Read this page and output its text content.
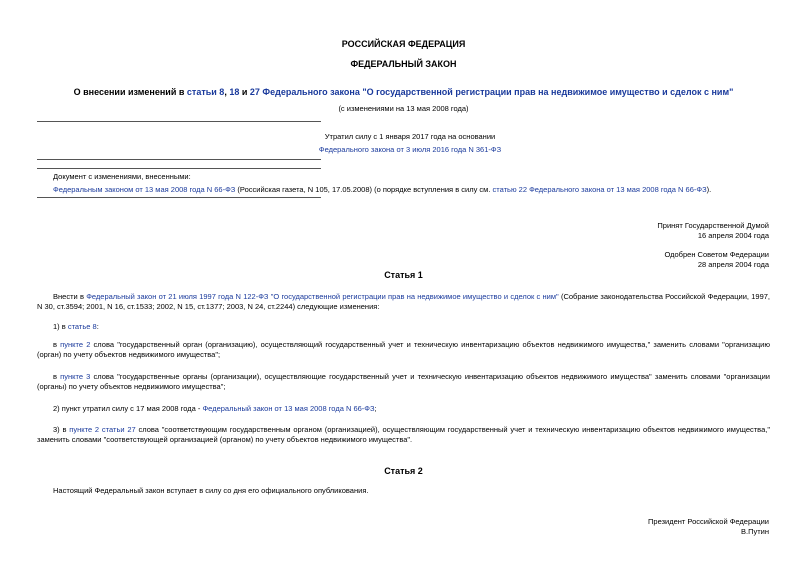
РОССИЙСКАЯ ФЕДЕРАЦИЯ
ФЕДЕРАЛЬНЫЙ ЗАКОН
О внесении изменений в статьи 8, 18 и 27 Федерального закона "О государственной регистрации прав на недвижимое имущество и сделок с ним"
(с изменениями на 13 мая 2008 года)
Утратил силу с 1 января 2017 года на основании
Федерального закона от 3 июля 2016 года N 361-ФЗ
Документ с изменениями, внесенными:
Федеральным законом от 13 мая 2008 года N 66-ФЗ (Российская газета, N 105, 17.05.2008) (о порядке вступления в силу см. статью 22 Федерального закона от 13 мая 2008 года N 66-ФЗ).
Принят Государственной Думой
16 апреля 2004 года
Одобрен Советом Федерации
28 апреля 2004 года
Статья 1
Внести в Федеральный закон от 21 июля 1997 года N 122-ФЗ "О государственной регистрации прав на недвижимое имущество и сделок с ним" (Собрание законодательства Российской Федерации, 1997, N 30, ст.3594; 2001, N 16, ст.1533; 2002, N 15, ст.1377; 2003, N 24, ст.2244) следующие изменения:
1) в статье 8:
в пункте 2 слова "государственный орган (организацию), осуществляющий государственный учет и техническую инвентаризацию объектов недвижимого имущества," заменить словами "организацию (орган) по учету объектов недвижимого имущества";
в пункте 3 слова "государственные органы (организации), осуществляющие государственный учет и техническую инвентаризацию объектов недвижимого имущества" заменить словами "организации (органы) по учету объектов недвижимого имущества";
2) пункт утратил силу с 17 мая 2008 года - Федеральный закон от 13 мая 2008 года N 66-ФЗ;
3) в пункте 2 статьи 27 слова "соответствующим государственным органом (организацией), осуществляющим государственный учет и техническую инвентаризацию объектов недвижимого имущества," заменить словами "соответствующей организацией (органом) по учету объектов недвижимого имущества".
Статья 2
Настоящий Федеральный закон вступает в силу со дня его официального опубликования.
Президент Российской Федерации
В.Путин
